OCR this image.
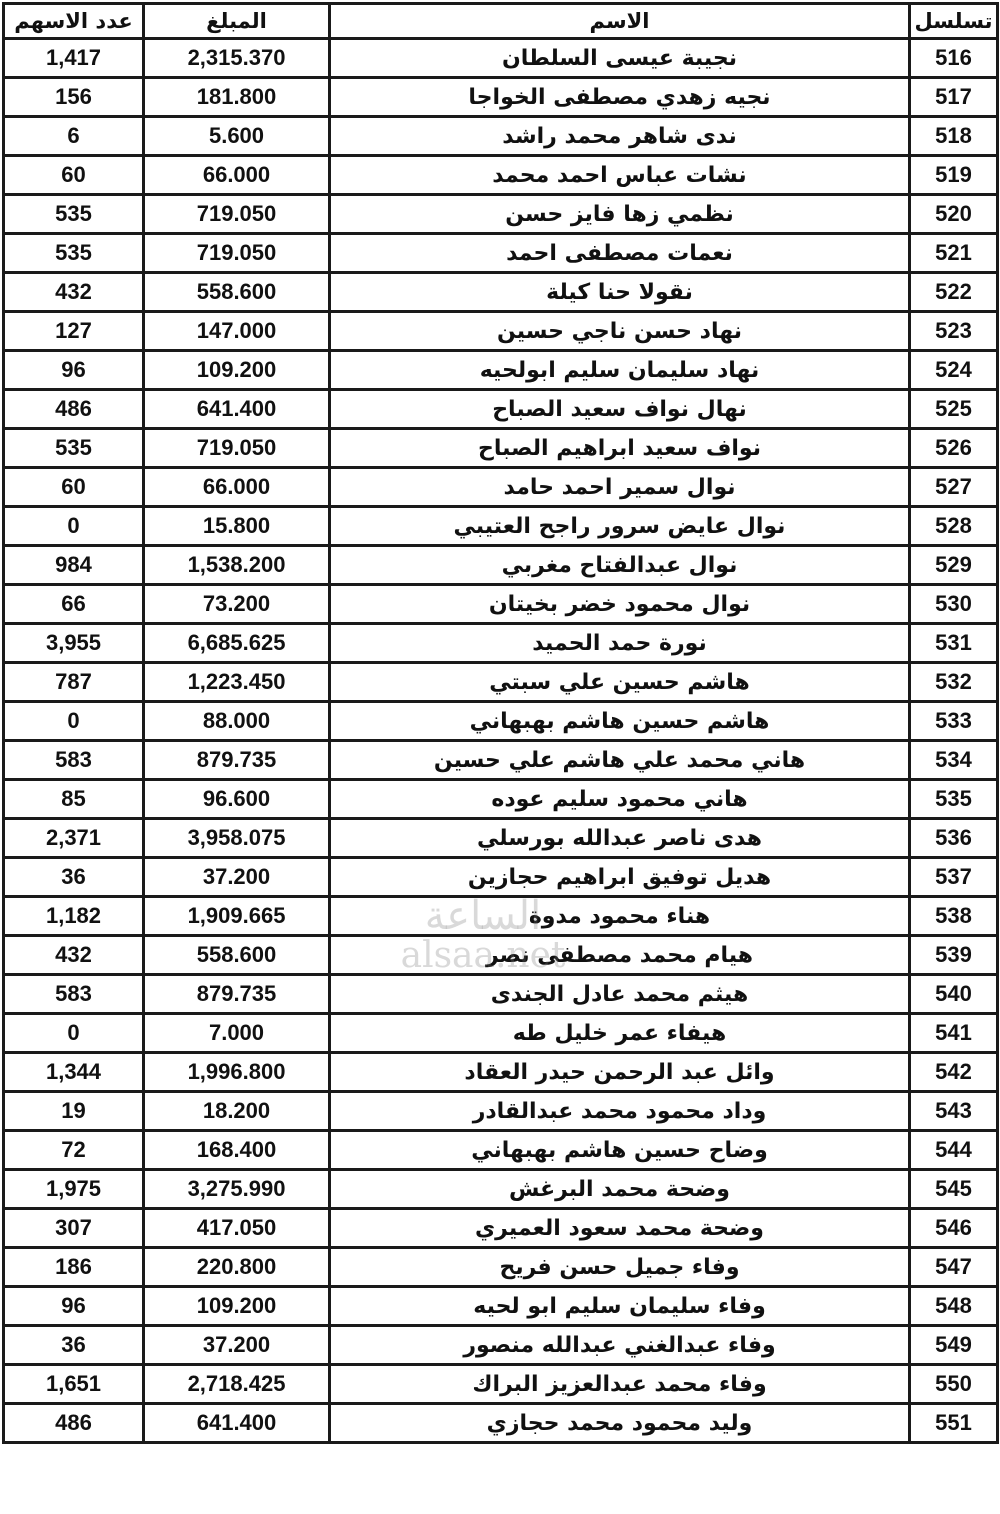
تسلسل	الاسم	المبلغ	عدد الاسهم
516	نجيبة عيسى السلطان	2,315.370	1,417
517	نجيه زهدي مصطفى الخواجا	181.800	156
518	ندى شاهر محمد راشد	5.600	6
519	نشات عباس احمد محمد	66.000	60
520	نظمي زها فايز حسن	719.050	535
521	نعمات مصطفى احمد	719.050	535
522	نقولا حنا كيلة	558.600	432
523	نهاد حسن ناجي حسين	147.000	127
524	نهاد سليمان سليم ابولحيه	109.200	96
525	نهال نواف سعيد الصباح	641.400	486
526	نواف سعيد ابراهيم الصباح	719.050	535
527	نوال سمير احمد حامد	66.000	60
528	نوال عايض سرور راجح العتيبي	15.800	0
529	نوال عبدالفتاح مغربي	1,538.200	984
530	نوال محمود خضر بخيتان	73.200	66
531	نورة حمد الحميد	6,685.625	3,955
532	هاشم حسين علي سبتي	1,223.450	787
533	هاشم حسين هاشم بهبهاني	88.000	0
534	هاني محمد علي هاشم علي حسين	879.735	583
535	هاني محمود سليم عوده	96.600	85
536	هدى ناصر عبدالله بورسلي	3,958.075	2,371
537	هديل توفيق ابراهيم حجازين	37.200	36
538	هناء محمود مدوة	1,909.665	1,182
539	هيام محمد مصطفى نصر	558.600	432
540	هيثم محمد عادل الجندى	879.735	583
541	هيفاء عمر خليل طه	7.000	0
542	وائل عبد الرحمن حيدر العقاد	1,996.800	1,344
543	وداد محمود محمد عبدالقادر	18.200	19
544	وضاح حسين هاشم بهبهاني	168.400	72
545	وضحة محمد البرغش	3,275.990	1,975
546	وضحة محمد سعود العميري	417.050	307
547	وفاء جميل حسن فريح	220.800	186
548	وفاء سليمان سليم ابو لحيه	109.200	96
549	وفاء عبدالغني عبدالله منصور	37.200	36
550	وفاء محمد عبدالعزيز البراك	2,718.425	1,651
551	وليد محمود محمد حجازي	641.400	486
الساعة
alsaa.net
